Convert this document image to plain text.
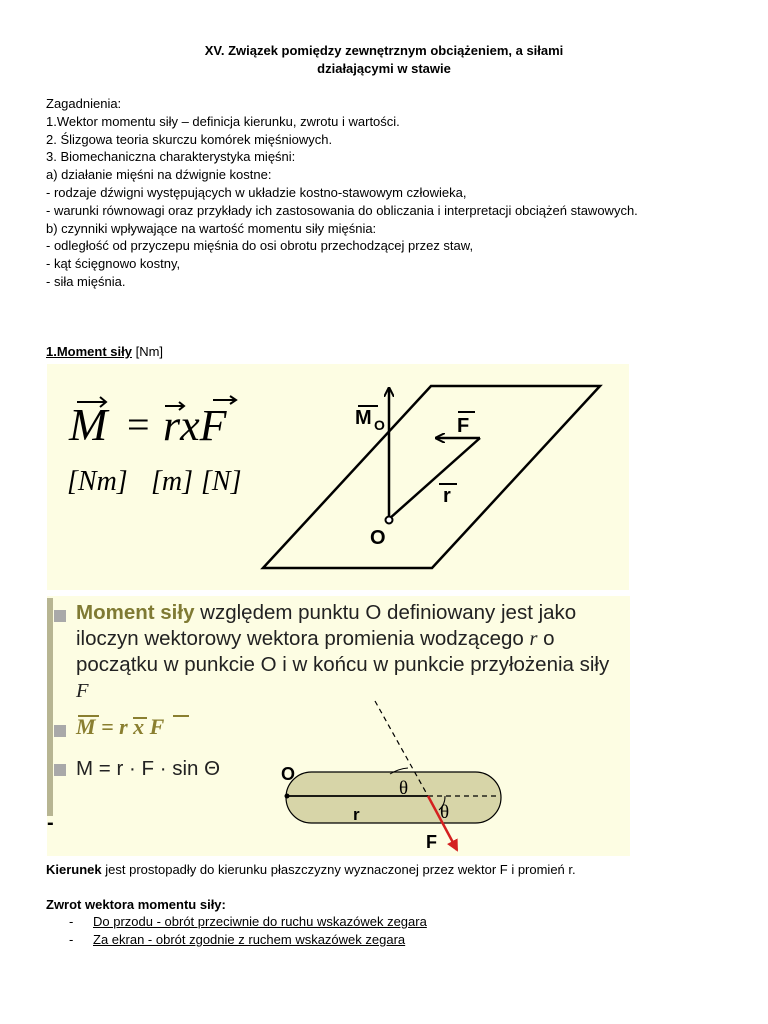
XV. Związek pomiędzy zewnętrznym obciążeniem, a siłami
działającymi w stawie
Zagadnienia:
1.Wektor momentu siły – definicja kierunku, zwrotu i wartości.
2. Ślizgowa teoria skurczu komórek mięśniowych.
3. Biomechaniczna charakterystyka mięśni:
a) działanie mięśni na dźwignie kostne:
- rodzaje dźwigni występujących w układzie kostno-stawowym człowieka,
- warunki równowagi oraz przykłady ich zastosowania do obliczania i interpretacji obciążeń stawowych.
b) czynniki wpływające na wartość momentu siły mięśnia:
- odległość od przyczepu mięśnia do osi obrotu przechodzącej przez staw,
- kąt ścięgnowo kostny,
- siła mięśnia.
1.Moment siły [Nm]
M = rxF
[Nm] [m] [N]
M O	F
r
O
-
Moment siły względem punktu O definiowany jest jako iloczyn wektorowy wektora promienia wodzącego r o początku w punkcie O i w końcu w punkcie przyłożenia siły F
M = r x F
M = r · F · sin Θ	O
θ
θ
r
F
Kierunek jest prostopadły do kierunku płaszczyzny wyznaczonej przez wektor F i promień r.
Zwrot wektora momentu siły:
- Do przodu - obrót przeciwnie do ruchu wskazówek zegara
- Za ekran - obrót zgodnie z ruchem wskazówek zegara
